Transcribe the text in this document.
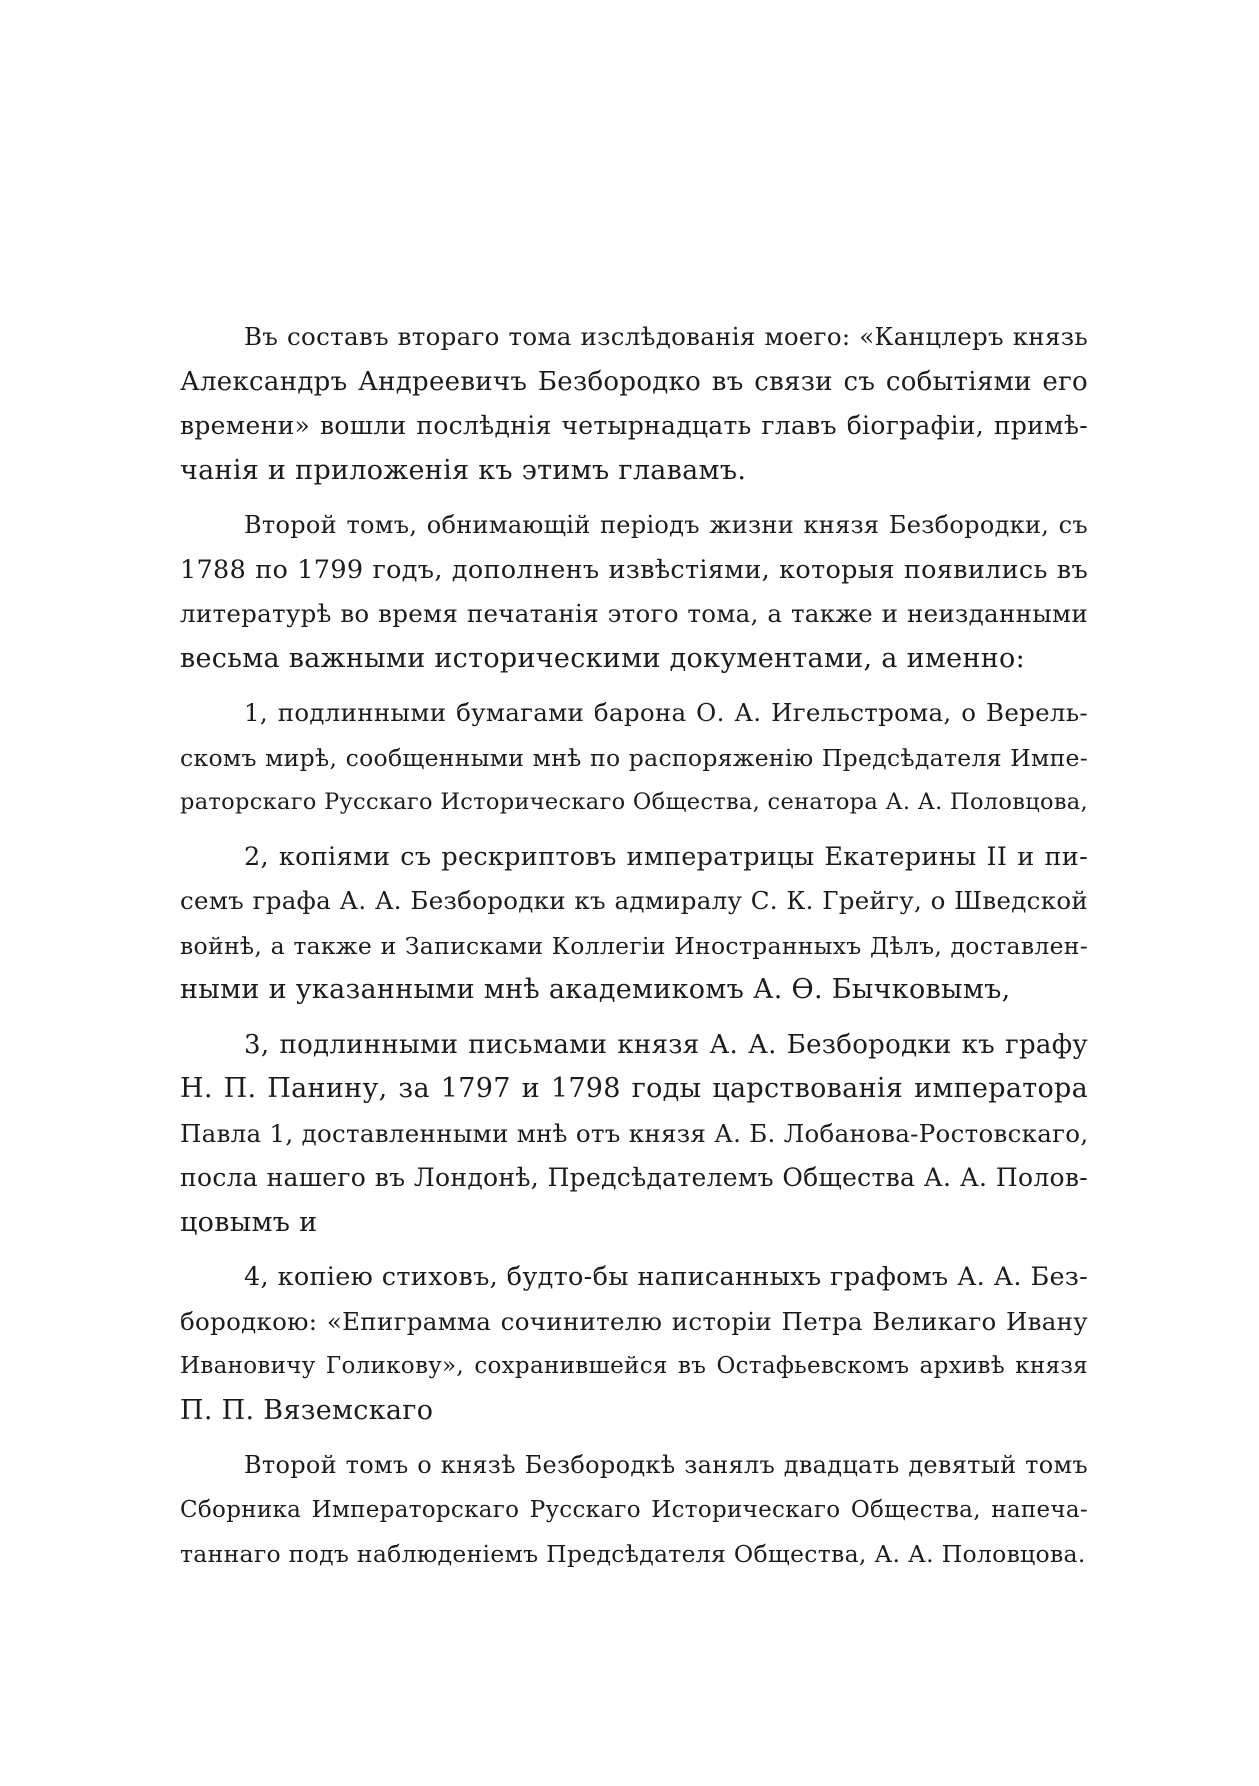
Въ составъ втораго тома изслѣдованія моего: «Канцлеръ князь
Александръ Андреевичъ Безбородко въ связи съ событіями его
времени» вошли послѣднія четырнадцать главъ біографіи, примѣ-
чанія и приложенія къ этимъ главамъ.
Второй томъ, обнимающій періодъ жизни князя Безбородки, съ
1788 по 1799 годъ, дополненъ извѣстіями, которыя появились въ
литературѣ во время печатанія этого тома, а также и неизданными
весьма важными историческими документами, а именно:
1, подлинными бумагами барона О. А. Игельстрома, о Верель-
скомъ мирѣ, сообщенными мнѣ по распоряженію Предсѣдателя Импе-
раторскаго Русскаго Историческаго Общества, сенатора А. А. Половцова,
2, копіями съ рескриптовъ императрицы Екатерины II и пи-
семъ графа А. А. Безбородки къ адмиралу С. К. Грейгу, о Шведской
войнѣ, а также и Записками Коллегіи Иностранныхъ Дѣлъ, доставлен-
ными и указанными мнѣ академикомъ А. Ѳ. Бычковымъ,
3, подлинными письмами князя А. А. Безбородки къ графу
Н. П. Панину, за 1797 и 1798 годы царствованія императора
Павла 1, доставленными мнѣ отъ князя А. Б. Лобанова-Ростовскаго,
посла нашего въ Лондонѣ, Предсѣдателемъ Общества А. А. Полов-
цовымъ и
4, копіею стиховъ, будто-бы написанныхъ графомъ А. А. Без-
бородкою: «Епиграмма сочинителю исторіи Петра Великаго Ивану
Ивановичу Голикову», сохранившейся въ Остафьевскомъ архивѣ князя
П. П. Вяземскаго
Второй томъ о князѣ Безбородкѣ занялъ двадцать девятый томъ
Сборника Императорскаго Русскаго Историческаго Общества, напеча-
таннаго подъ наблюденіемъ Предсѣдателя Общества, А. А. Половцова.
